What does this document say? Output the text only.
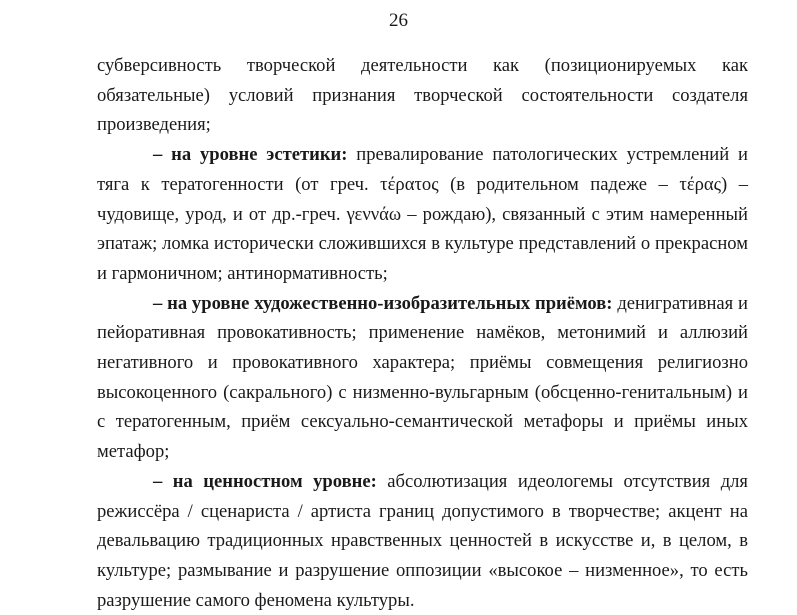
26

субверсивность творческой деятельности как (позиционируемых как обязательные) условий признания творческой состоятельности создателя произведения;

– на уровне эстетики: превалирование патологических устремлений и тяга к тератогенности (от греч. τέρατος (в родительном падеже – τέρας) – чудовище, урод, и от др.-греч. γεννάω – рождаю), связанный с этим намеренный эпатаж; ломка исторически сложившихся в культуре представлений о прекрасном и гармоничном; антинормативность;

– на уровне художественно-изобразительных приёмов: денигративная и пейоративная провокативность; применение намёков, метонимий и аллюзий негативного и провокативного характера; приёмы совмещения религиозно высокоценного (сакрального) с низменно-вульгарным (обсценно-генитальным) и с тератогенным, приём сексуально-семантической метафоры и приёмы иных метафор;

– на ценностном уровне: абсолютизация идеологемы отсутствия для режиссёра / сценариста / артиста границ допустимого в творчестве; акцент на девальвацию традиционных нравственных ценностей в искусстве и, в целом, в культуре; размывание и разрушение оппозиции «высокое – низменное», то есть разрушение самого феномена культуры.
